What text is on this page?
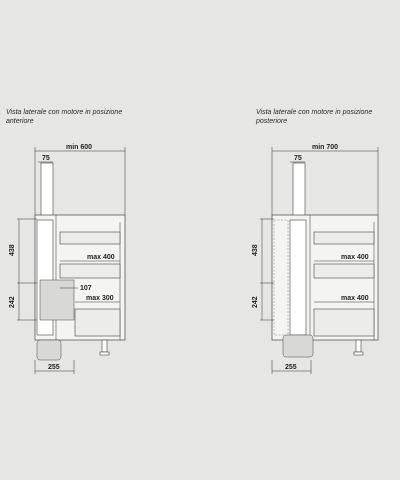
Vista laterale con motore in posizione
anteriore
Vista laterale con motore in posizione
posteriore
min 600
75
max 400
max 300
107
438
242
255
min 700
75
max 400
max 400
438
242
255
